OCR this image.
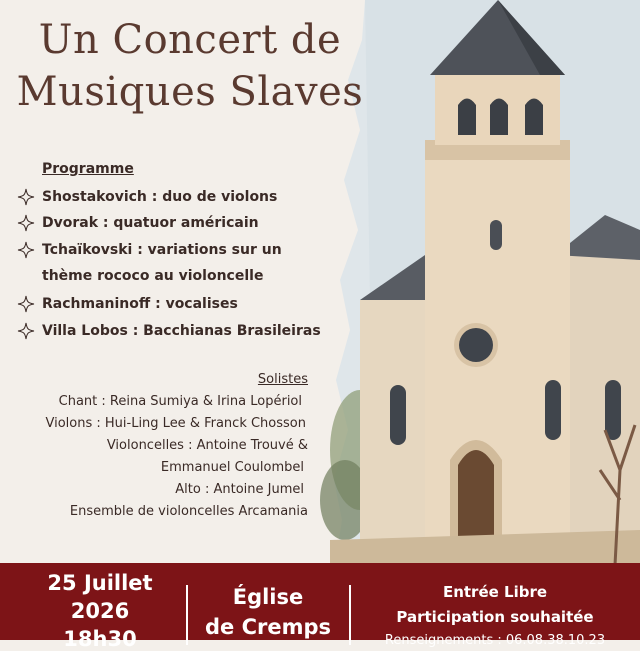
Un Concert de
Musiques Slaves
Programme
Shostakovich : duo de violons
Dvorak : quatuor américain
Tchaïkovski : variations sur un
thème rococo au violoncelle
Rachmaninoff : vocalises
Villa Lobos : Bacchianas Brasileiras
Solistes
Chant : Reina Sumiya & Irina Lopériol
Violons : Hui-Ling Lee & Franck Chosson
Violoncelles : Antoine Trouvé &
Emmanuel Coulombel
Alto : Antoine Jumel
Ensemble de violoncelles Arcamania
25 Juillet
2026
18h30
Église
de Cremps
Entrée Libre
Participation souhaitée
Renseignements : 06.08.38.10.23
